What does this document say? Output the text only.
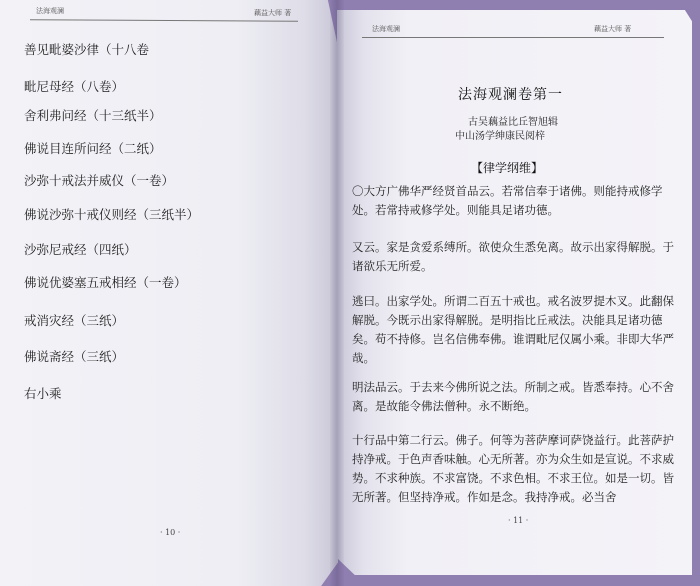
法海观澜	藕益大师 著
善见毗婆沙律（十八卷
毗尼母经（八卷）
舍利弗问经（十三纸半）
佛说目连所问经（二纸）
沙弥十戒法并威仪（一卷）
佛说沙弥十戒仪则经（三纸半）
沙弥尼戒经（四纸）
佛说优婆塞五戒相经（一卷）
戒消灾经（三纸）
佛说斋经（三纸）
右小乘
· 10 ·
法海观澜	藕益大师 著
法海观澜卷第一
古吴藕益比丘智旭辑
中山汤学绅康民阅梓
【律学纲维】

〇大方广佛华严经贤首品云。若常信奉于诸佛。则能持戒修学处。若常持戒修学处。则能具足诸功德。

又云。家是贪爱系缚所。欲使众生悉免离。故示出家得解脱。于诸欲乐无所爱。

逃曰。出家学处。所谓二百五十戒也。戒名波罗提木叉。此翻保解脱。今既示出家得解脱。是明指比丘戒法。决能具足诸功德矣。苟不持修。岂名信佛奉佛。谁谓毗尼仅属小乘。非即大华严哉。

明法品云。于去来今佛所说之法。所制之戒。皆悉奉持。心不舍离。是故能令佛法僧种。永不断绝。

十行品中第二行云。佛子。何等为菩萨摩诃萨饶益行。此菩萨护持净戒。于色声香味触。心无所著。亦为众生如是宣说。不求威势。不求种族。不求富饶。不求色相。不求王位。如是一切。皆无所著。但坚持净戒。作如是念。我持净戒。必当舍

· 11 ·
